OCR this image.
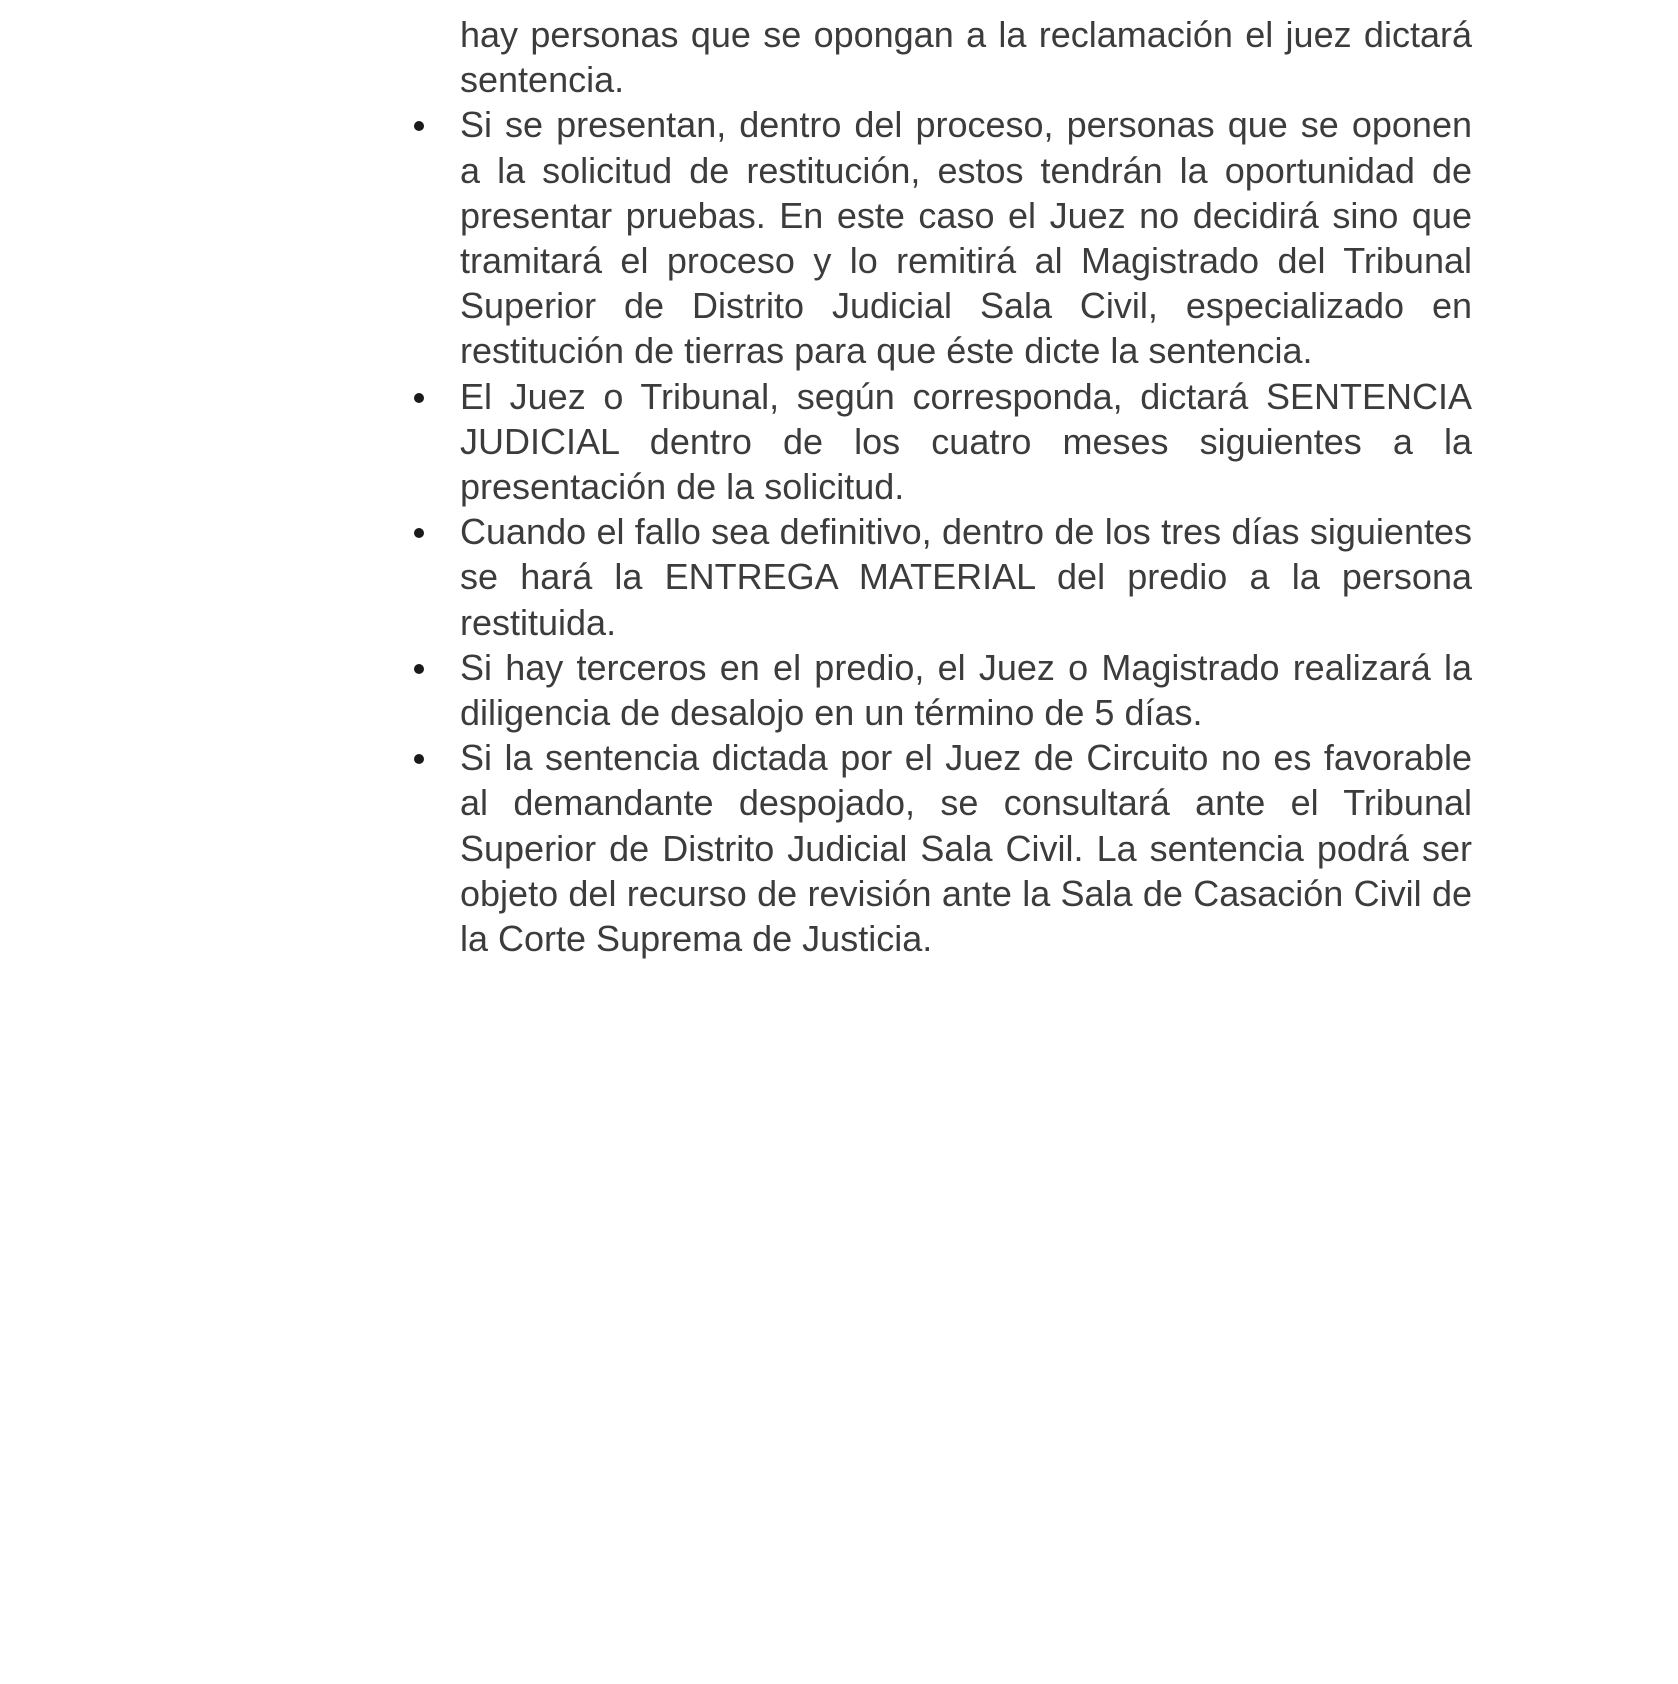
hay personas que se opongan a la reclamación el juez dictará sentencia.

Si se presentan, dentro del proceso, personas que se oponen a la solicitud de restitución, estos tendrán la oportunidad de presentar pruebas. En este caso el Juez no decidirá sino que tramitará el proceso y lo remitirá al Magistrado del Tribunal Superior de Distrito Judicial Sala Civil, especializado en restitución de tierras para que éste dicte la sentencia.
El Juez o Tribunal, según corresponda, dictará SENTENCIA JUDICIAL dentro de los cuatro meses siguientes a la presentación de la solicitud.
Cuando el fallo sea definitivo, dentro de los tres días siguientes se hará la ENTREGA MATERIAL del predio a la persona restituida.
Si hay terceros en el predio, el Juez o Magistrado realizará la diligencia de desalojo en un término de 5 días.
Si la sentencia dictada por el Juez de Circuito no es favorable al demandante despojado, se consultará ante el Tribunal Superior de Distrito Judicial Sala Civil. La sentencia podrá ser objeto del recurso de revisión ante la Sala de Casación Civil de la Corte Suprema de Justicia.
